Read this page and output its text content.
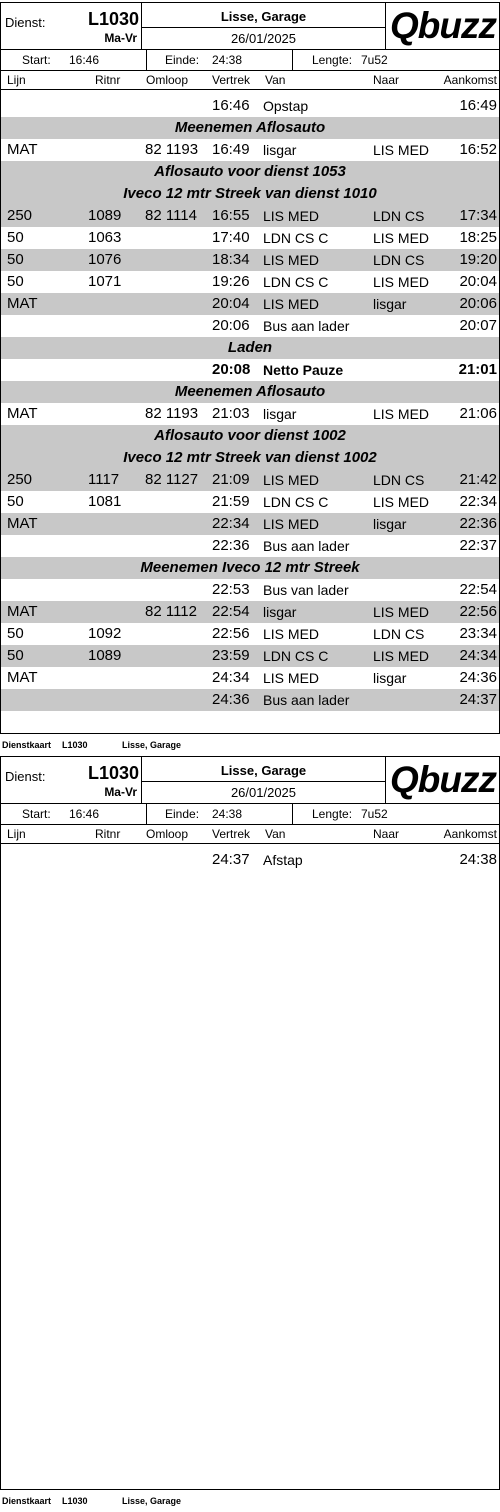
Dienst: L1030
Ma-Vr
Lisse, Garage
26/01/2025	Qbuzz
Start: 16:46	Einde: 24:38	Lengte: 7u52
Lijn	Ritnr Omloop Vertrek Van	Naar	Aankomst
16:46 Opstap	16:49
Meenemen Aflosauto
MAT	82 1193 16:49 lisgar	LIS MED 16:52
Aflosauto voor dienst 1053
Iveco 12 mtr Streek van dienst 1010
250	1089 82 1114 16:55 LIS MED	LDN CS 17:34
50	1063	17:40 LDN CS C	LIS MED 18:25
50	1076	18:34 LIS MED	LDN CS 19:20
50	1071	19:26 LDN CS C	LIS MED 20:04
MAT	20:04 LIS MED	lisgar	20:06
20:06 Bus aan lader	20:07
Laden
20:08 Netto Pauze	21:01
Meenemen Aflosauto
MAT	82 1193 21:03 lisgar	LIS MED 21:06
Aflosauto voor dienst 1002
Iveco 12 mtr Streek van dienst 1002
250	1117 82 1127 21:09 LIS MED	LDN CS 21:42
50	1081	21:59 LDN CS C	LIS MED 22:34
MAT	22:34 LIS MED	lisgar	22:36
22:36 Bus aan lader	22:37
Meenemen Iveco 12 mtr Streek
22:53 Bus van lader	22:54
MAT	82 1112 22:54 lisgar	LIS MED 22:56
50	1092	22:56 LIS MED	LDN CS 23:34
50	1089	23:59 LDN CS C	LIS MED 24:34
MAT	24:34 LIS MED	lisgar	24:36
24:36 Bus aan lader	24:37
Dienstkaart L1030	Lisse, Garage
Dienst: L1030
Ma-Vr
Lisse, Garage
26/01/2025	Qbuzz
Start: 16:46	Einde: 24:38	Lengte: 7u52
Lijn	Ritnr Omloop Vertrek Van	Naar	Aankomst
24:37 Afstap	24:38
Dienstkaart L1030	Lisse, Garage
